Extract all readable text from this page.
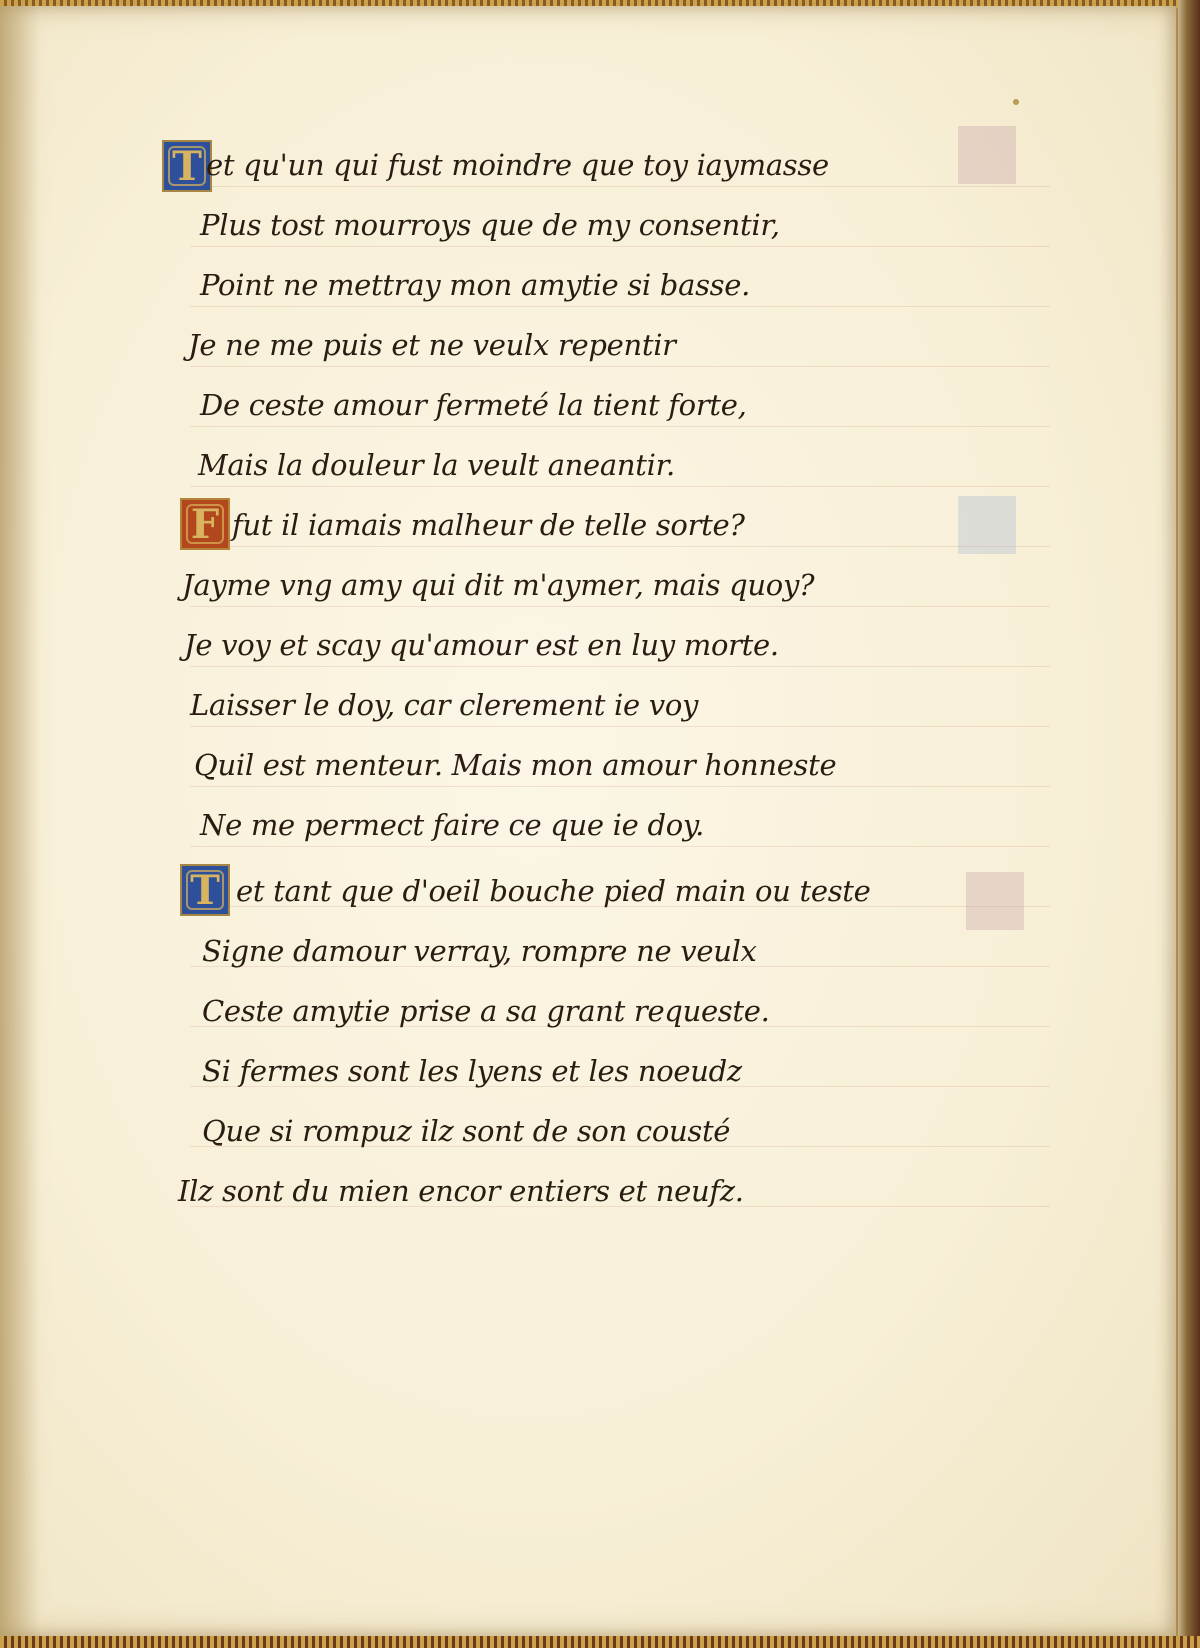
T et qu'un qui fust moindre que toy iaymasse
Plus tost mourroys que de my consentir,
Point ne mettray mon amytie si basse.
Je ne me puis et ne veulx repentir
De ceste amour fermeté la tient forte,
Mais la douleur la veult aneantir.
F fut il iamais malheur de telle sorte?
Jayme vng amy qui dit m'aymer, mais quoy?
Je voy et scay qu'amour est en luy morte.
Laisser le doy, car clerement ie voy
Quil est menteur. Mais mon amour honneste
Ne me permect faire ce que ie doy.
T et tant que d'oeil bouche pied main ou teste
Signe damour verray, rompre ne veulx
Ceste amytie prise a sa grant requeste.
Si fermes sont les lyens et les noeudz
Que si rompuz ilz sont de son cousté
Ilz sont du mien encor entiers et neufz.
